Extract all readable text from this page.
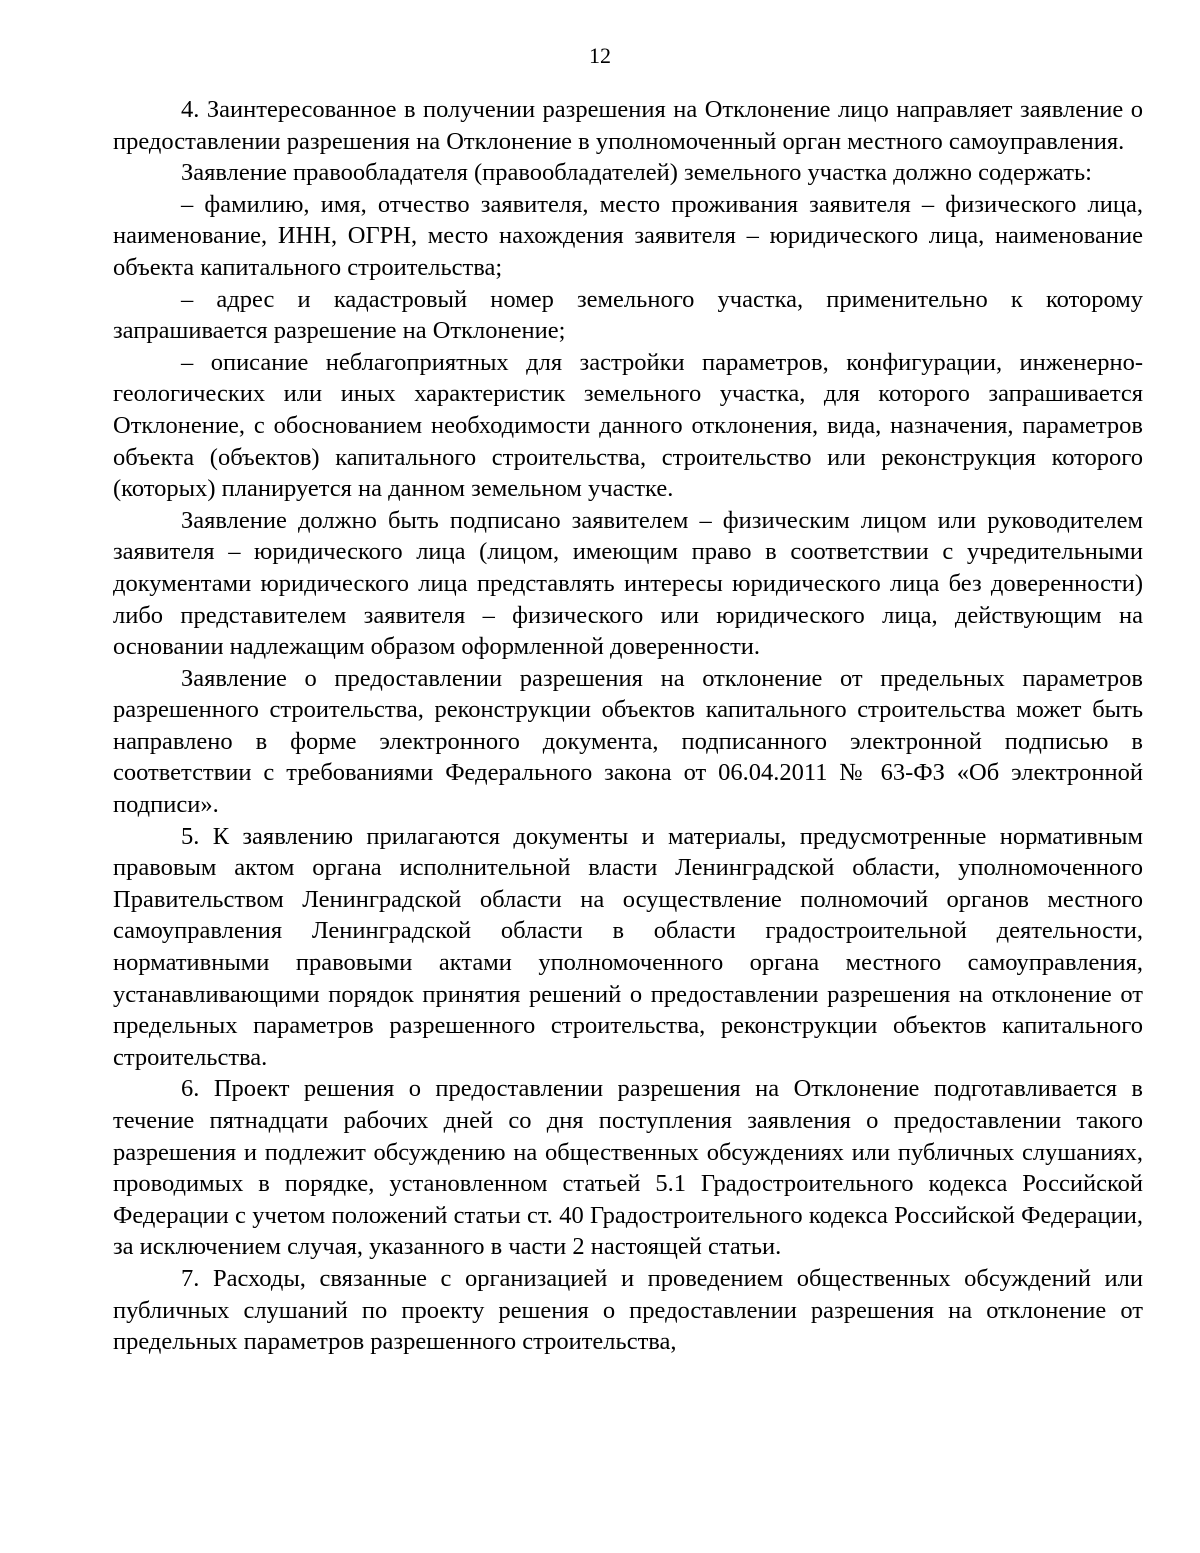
12

4. Заинтересованное в получении разрешения на Отклонение лицо направляет заявление о предоставлении разрешения на Отклонение в уполномоченный орган местного самоуправления.

Заявление правообладателя (правообладателей) земельного участка должно содержать:

– фамилию, имя, отчество заявителя, место проживания заявителя – физического лица, наименование, ИНН, ОГРН, место нахождения заявителя – юридического лица, наименование объекта капитального строительства;

– адрес и кадастровый номер земельного участка, применительно к которому запрашивается разрешение на Отклонение;

– описание неблагоприятных для застройки параметров, конфигурации, инженерно-геологических или иных характеристик земельного участка, для которого запрашивается Отклонение, с обоснованием необходимости данного отклонения, вида, назначения, параметров объекта (объектов) капитального строительства, строительство или реконструкция которого (которых) планируется на данном земельном участке.

Заявление должно быть подписано заявителем – физическим лицом или руководителем заявителя – юридического лица (лицом, имеющим право в соответствии с учредительными документами юридического лица представлять интересы юридического лица без доверенности) либо представителем заявителя – физического или юридического лица, действующим на основании надлежащим образом оформленной доверенности.

Заявление о предоставлении разрешения на отклонение от предельных параметров разрешенного строительства, реконструкции объектов капитального строительства может быть направлено в форме электронного документа, подписанного электронной подписью в соответствии с требованиями Федерального закона от 06.04.2011 № 63-ФЗ «Об электронной подписи».

5. К заявлению прилагаются документы и материалы, предусмотренные нормативным правовым актом органа исполнительной власти Ленинградской области, уполномоченного Правительством Ленинградской области на осуществление полномочий органов местного самоуправления Ленинградской области в области градостроительной деятельности, нормативными правовыми актами уполномоченного органа местного самоуправления, устанавливающими порядок принятия решений о предоставлении разрешения на отклонение от предельных параметров разрешенного строительства, реконструкции объектов капитального строительства.

6. Проект решения о предоставлении разрешения на Отклонение подготавливается в течение пятнадцати рабочих дней со дня поступления заявления о предоставлении такого разрешения и подлежит обсуждению на общественных обсуждениях или публичных слушаниях, проводимых в порядке, установленном статьей 5.1 Градостроительного кодекса Российской Федерации с учетом положений статьи ст. 40 Градостроительного кодекса Российской Федерации, за исключением случая, указанного в части 2 настоящей статьи.

7. Расходы, связанные с организацией и проведением общественных обсуждений или публичных слушаний по проекту решения о предоставлении разрешения на отклонение от предельных параметров разрешенного строительства,
